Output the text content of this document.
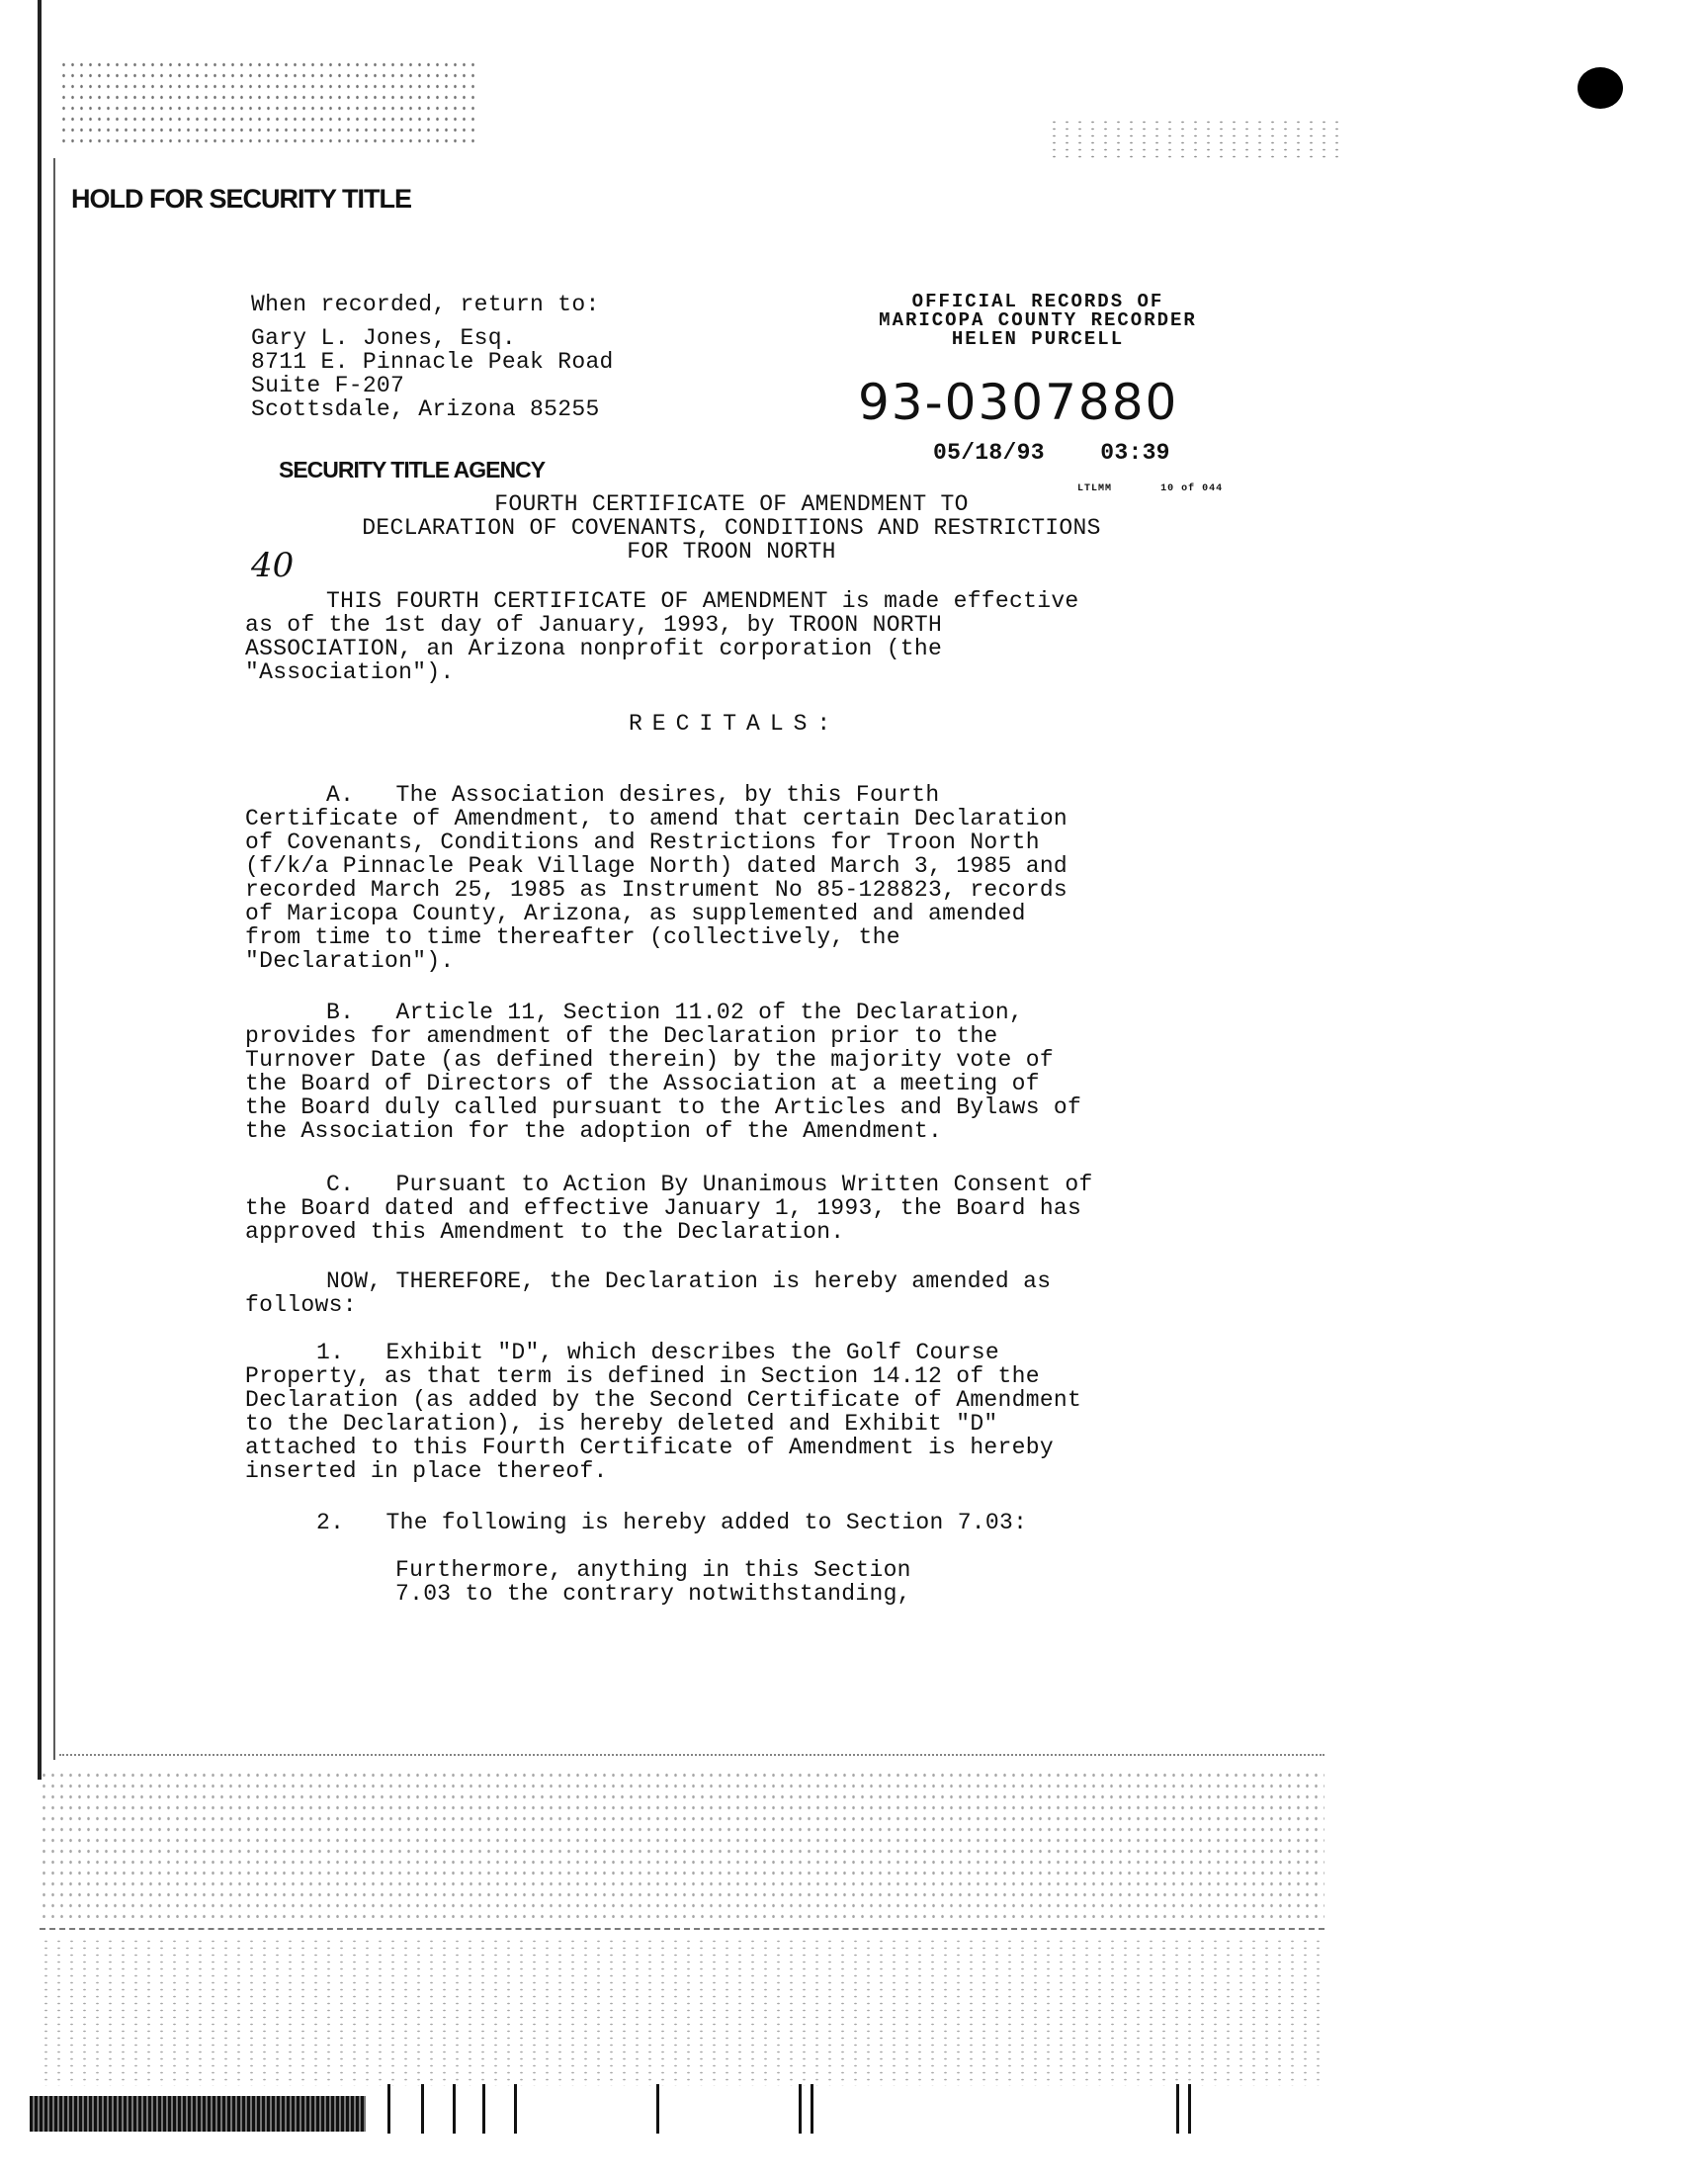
HOLD FOR SECURITY TITLE
When recorded, return to:
Gary L. Jones, Esq.
8711 E. Pinnacle Peak Road
Suite F-207
Scottsdale, Arizona 85255
SECURITY TITLE AGENCY
OFFICIAL RECORDS OF
MARICOPA COUNTY RECORDER
HELEN PURCELL
93-0307880
05/18/93 03:39
LTLMM	10 of 044
FOURTH CERTIFICATE OF AMENDMENT TO
DECLARATION OF COVENANTS, CONDITIONS AND RESTRICTIONS
FOR TROON NORTH
40
THIS FOURTH CERTIFICATE OF AMENDMENT is made effective
as of the 1st day of January, 1993, by TROON NORTH
ASSOCIATION, an Arizona nonprofit corporation (the
"Association").
RECITALS:
A.   The Association desires, by this Fourth
Certificate of Amendment, to amend that certain Declaration
of Covenants, Conditions and Restrictions for Troon North
(f/k/a Pinnacle Peak Village North) dated March 3, 1985 and
recorded March 25, 1985 as Instrument No 85-128823, records
of Maricopa County, Arizona, as supplemented and amended
from time to time thereafter (collectively, the
"Declaration").
B.   Article 11, Section 11.02 of the Declaration,
provides for amendment of the Declaration prior to the
Turnover Date (as defined therein) by the majority vote of
the Board of Directors of the Association at a meeting of
the Board duly called pursuant to the Articles and Bylaws of
the Association for the adoption of the Amendment.
C.   Pursuant to Action By Unanimous Written Consent of
the Board dated and effective January 1, 1993, the Board has
approved this Amendment to the Declaration.
NOW, THEREFORE, the Declaration is hereby amended as
follows:
1.   Exhibit "D", which describes the Golf Course
Property, as that term is defined in Section 14.12 of the
Declaration (as added by the Second Certificate of Amendment
to the Declaration), is hereby deleted and Exhibit "D"
attached to this Fourth Certificate of Amendment is hereby
inserted in place thereof.
2.   The following is hereby added to Section 7.03:
Furthermore, anything in this Section
7.03 to the contrary notwithstanding,
